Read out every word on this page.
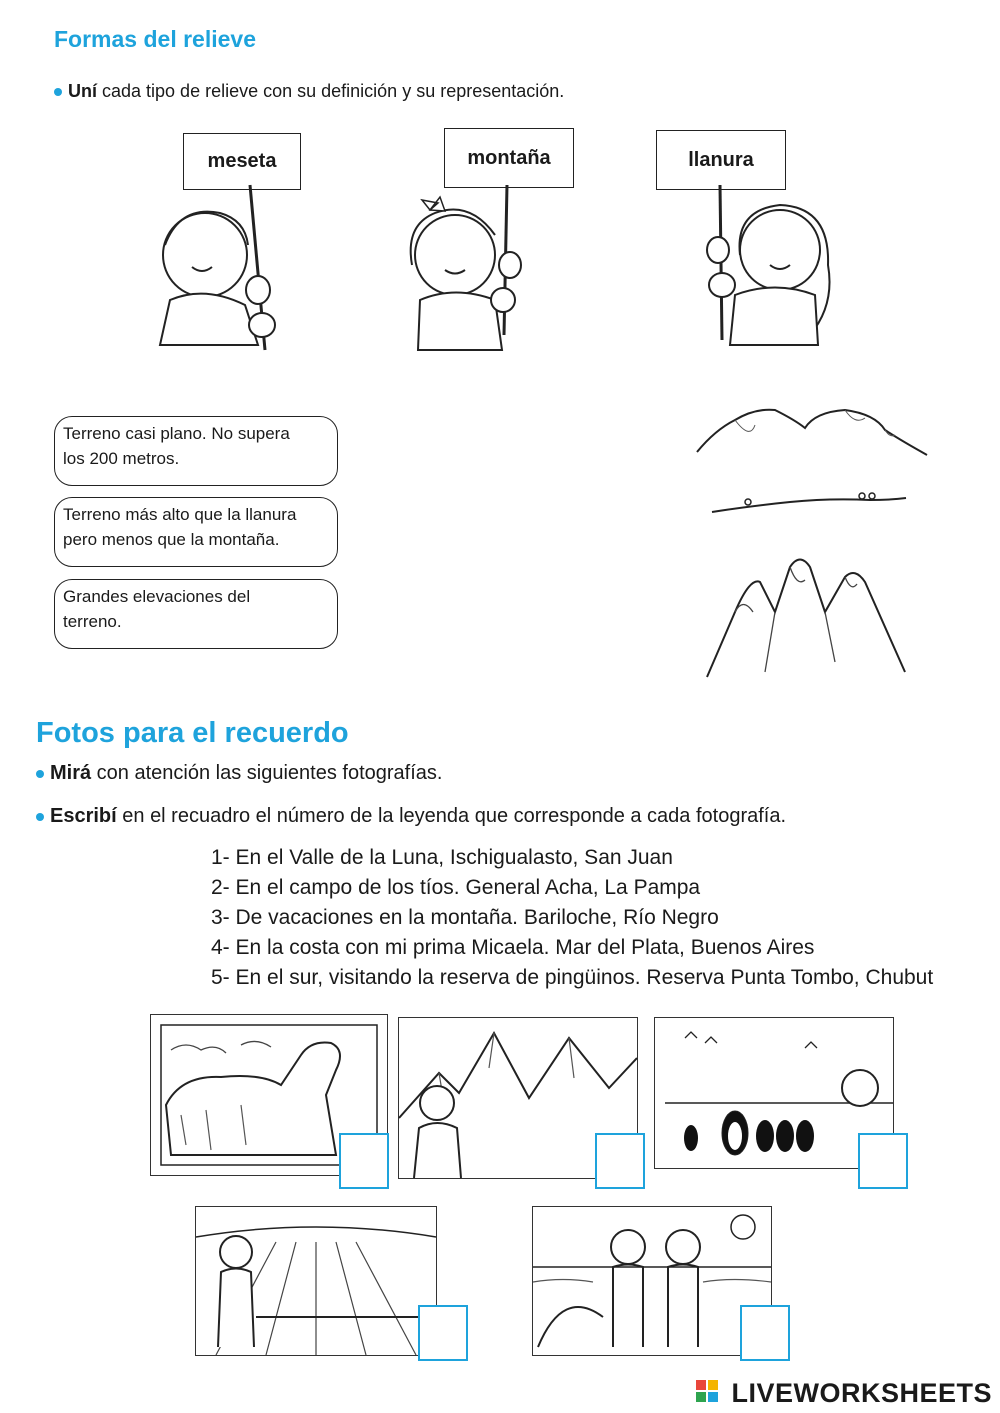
Formas del relieve
Uní cada tipo de relieve con su definición y su representación.
meseta	montaña	llanura
Terreno casi plano. No supera
los 200 metros.
Terreno más alto que la llanura
pero menos que la montaña.
Grandes elevaciones del
terreno.
Fotos para el recuerdo
Mirá con atención las siguientes fotografías.
Escribí en el recuadro el número de la leyenda que corresponde a cada fotografía.
1- En el Valle de la Luna, Ischigualasto, San Juan
2- En el campo de los tíos. General Acha, La Pampa
3- De vacaciones en la montaña. Bariloche, Río Negro
4- En la costa con mi prima Micaela. Mar del Plata, Buenos Aires
5- En el sur, visitando la reserva de pingüinos. Reserva Punta Tombo, Chubut
LIVEWORKSHEETS
